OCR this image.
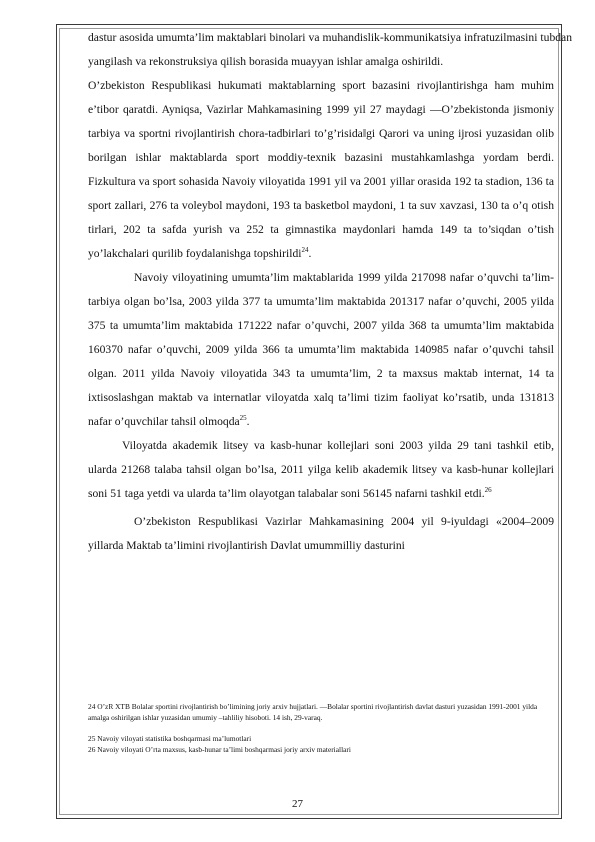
dastur asosida umumta’lim maktablari binolari va muhandislik-kommunikatsiya infratuzilmasini tubdan yangilash va rekonstruksiya qilish borasida muayyan ishlar amalga oshirildi.

O’zbekiston Respublikasi hukumati maktablarning sport bazasini rivojlantirishga ham muhim e’tibor qaratdi. Ayniqsa, Vazirlar Mahkamasining 1999 yil 27 maydagi ―O’zbekistonda jismoniy tarbiya va sportni rivojlantirish chora-tadbirlari to’g’risida‖gi Qarori va uning ijrosi yuzasidan olib borilgan ishlar maktablarda sport moddiy-texnik bazasini mustahkamlashga yordam berdi. Fizkultura va sport sohasida Navoiy viloyatida 1991 yil va 2001 yillar orasida 192 ta stadion, 136 ta sport zallari, 276 ta voleybol maydoni, 193 ta basketbol maydoni, 1 ta suv xavzasi, 130 ta o’q otish tirlari, 202 ta safda yurish va 252 ta gimnastika maydonlari hamda 149 ta to’siqdan o’tish yo’lakchalari qurilib foydalanishga topshirildi$^{24}$.

Navoiy viloyatining umumta’lim maktablarida 1999 yilda 217098 nafar o’quvchi ta’lim-tarbiya olgan bo’lsa, 2003 yilda 377 ta umumta’lim maktabida 201317 nafar o’quvchi, 2005 yilda 375 ta umumta’lim maktabida 171222 nafar o’quvchi, 2007 yilda 368 ta umumta’lim maktabida 160370 nafar o’quvchi, 2009 yilda 366 ta umumta’lim maktabida 140985 nafar o’quvchi tahsil olgan. 2011 yilda Navoiy viloyatida 343 ta umumta’lim, 2 ta maxsus maktab internat, 14 ta ixtisoslashgan maktab va internatlar viloyatda xalq ta’limi tizim faoliyat ko’rsatib, unda 131813 nafar o’quvchilar tahsil olmoqda$^{25}$.

Viloyatda akademik litsey va kasb-hunar kollejlari soni 2003 yilda 29 tani tashkil etib, ularda 21268 talaba tahsil olgan bo’lsa, 2011 yilga kelib akademik litsey va kasb-hunar kollejlari soni 51 taga yetdi va ularda ta’lim olayotgan talabalar soni 56145 nafarni tashkil etdi.$^{26}$

O’zbekiston Respublikasi Vazirlar Mahkamasining 2004 yil 9-iyuldagi «2004–2009 yillarda Maktab ta’limini rivojlantirish Davlat umummilliy dasturini

24 O’zR XTB Bolalar sportini rivojlantirish bo’limining joriy arxiv hujjatlari. ―Bolalar sportini rivojlantirish davlat dasturi yuzasidan 1991-2001 yilda amalga oshirilgan ishlar yuzasidan umumiy –tahliliy hisoboti. 14 ish, 29-varaq.

25 Navoiy viloyati statistika boshqarmasi ma’lumotlari

26 Navoiy viloyati O’rta maxsus, kasb-hunar ta’limi boshqarmasi joriy arxiv materiallari

27
